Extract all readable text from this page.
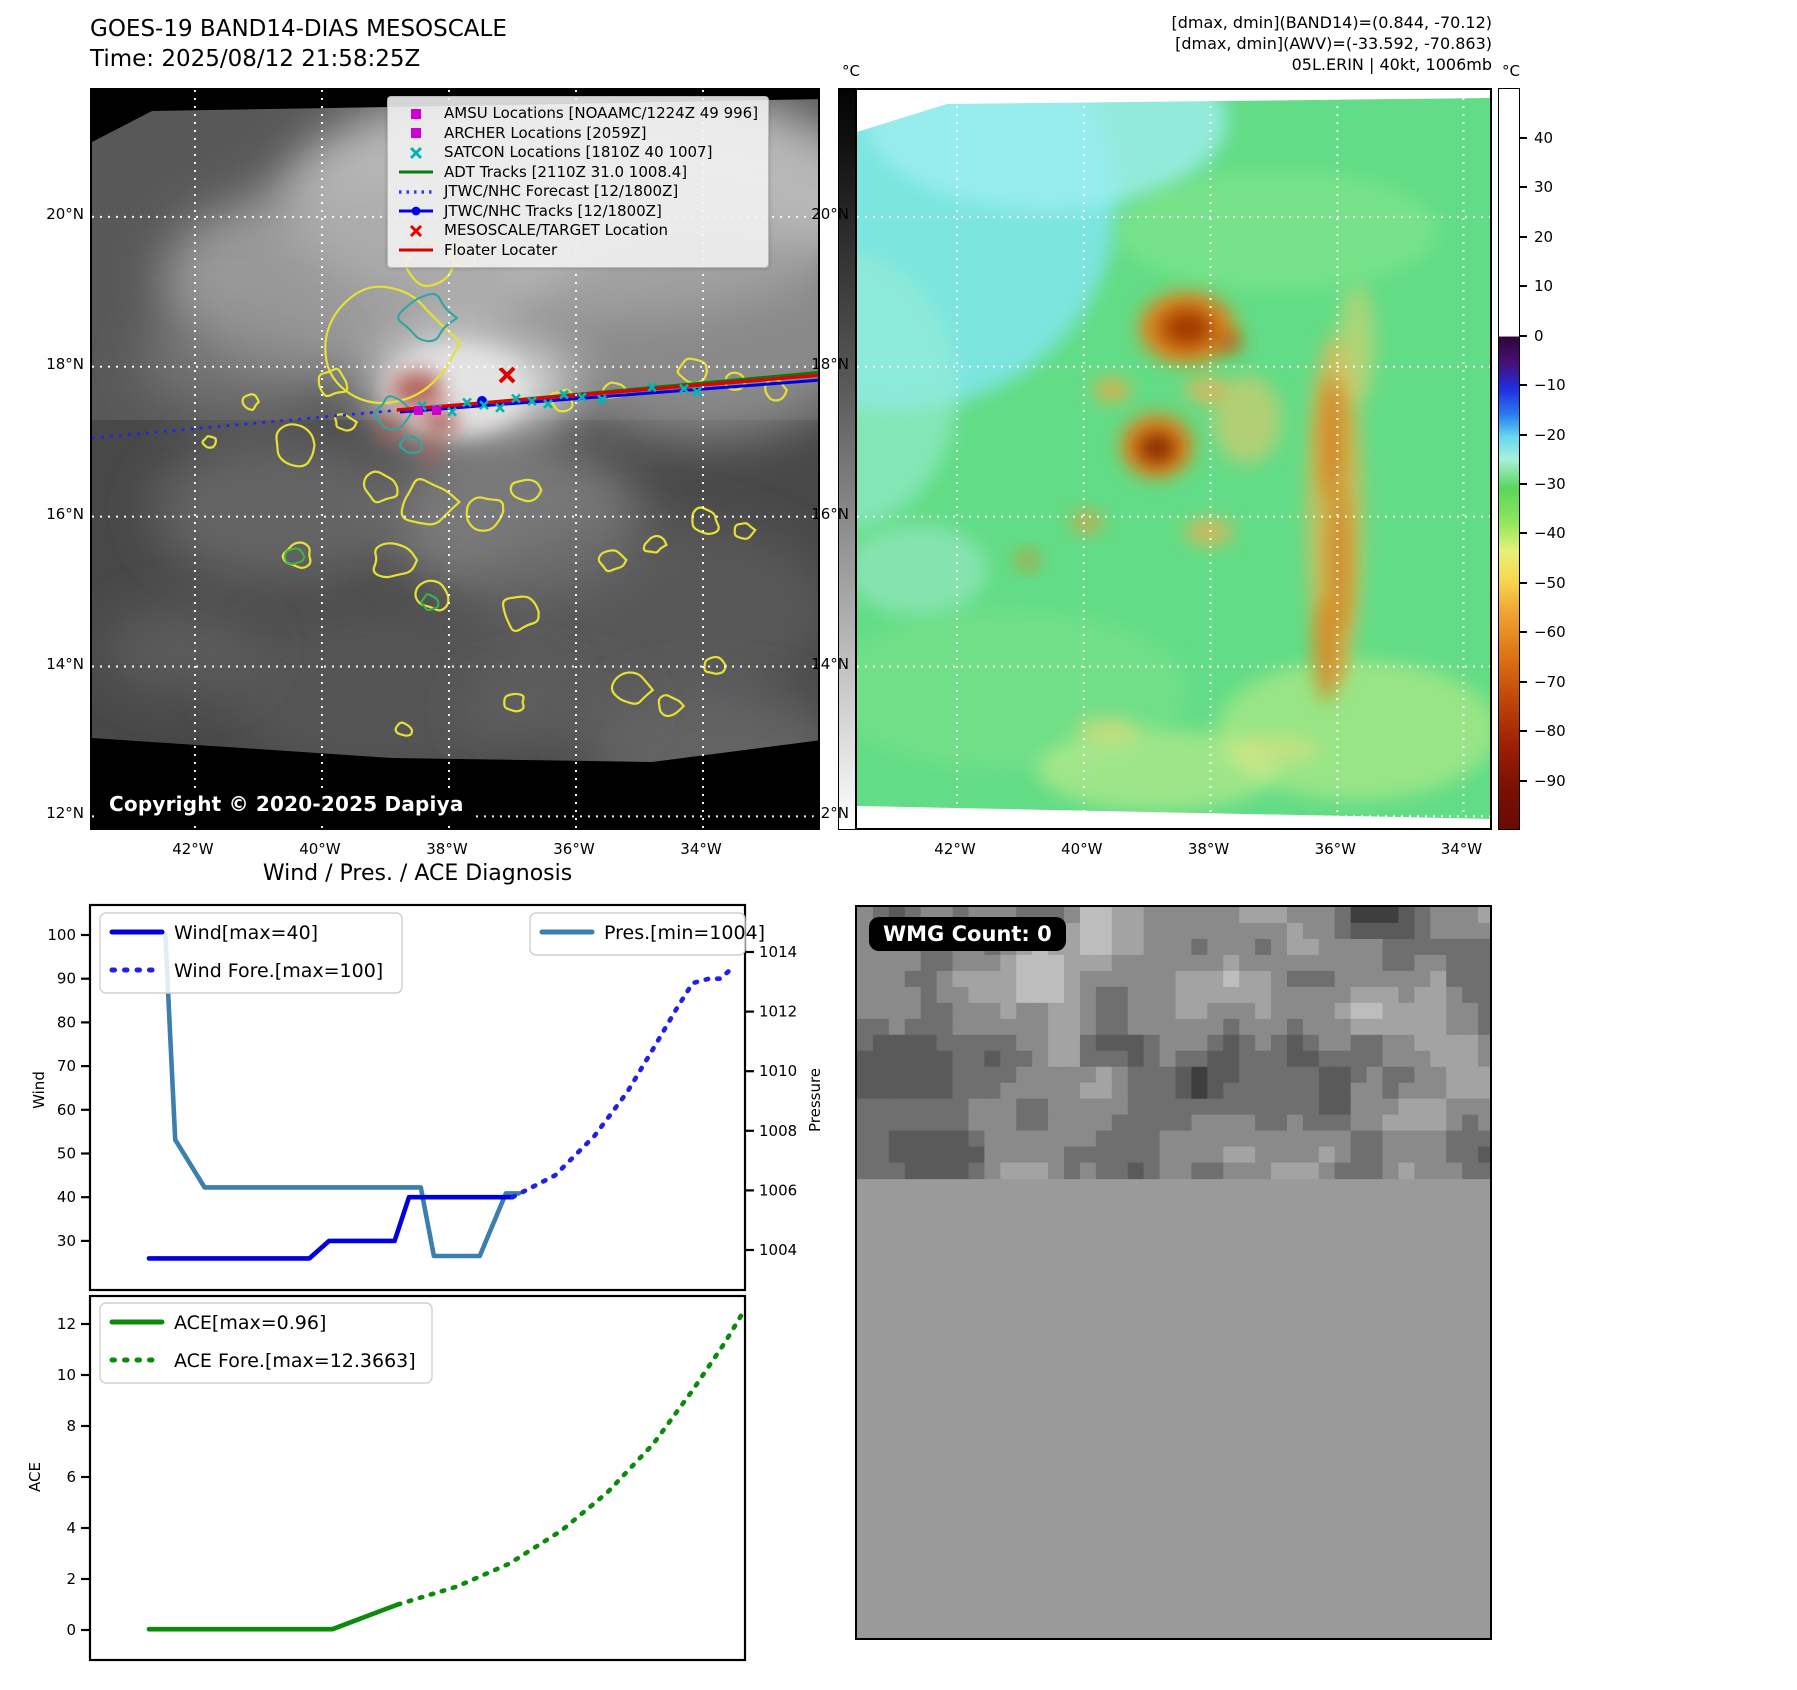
GOES-19 BAND14-DIAS MESOSCALE
Time: 2025/08/12 21:58:25Z
[dmax, dmin](BAND14)=(0.844, -70.12)
[dmax, dmin](AWV)=(-33.592, -70.863)
05L.ERIN | 40kt, 1006mb
AMSU Locations [NOAAMC/1224Z 49 996]
ARCHER Locations [2059Z]
SATCON Locations [1810Z 40 1007]
ADT Tracks [2110Z 31.0 1008.4]
JTWC/NHC Forecast [12/1800Z]
JTWC/NHC Tracks [12/1800Z]
MESOSCALE/TARGET Location
Floater Locater
Copyright © 2020-2025 Dapiya
°C	°C
40
30
20
10
0
−10
−20
−30
−40
−50
−60
−70
−80
−90
Wind / Pres. / ACE Diagnosis
30
40
50
60
70
80
90
100
1014
1012
1010
1008
1006
1004
0
2
4
6
8
10
12
Wind	Pressure
ACE
Wind[max=40]
Wind Fore.[max=100]
Pres.[min=1004]
ACE[max=0.96]
ACE Fore.[max=12.3663]
WMG Count: 0
20°N
18°N
16°N
14°N
12°N
42°W	40°W	38°W	36°W	34°W
20°N
18°N
16°N
14°N
12°N
42°W	40°W	38°W	36°W	34°W
